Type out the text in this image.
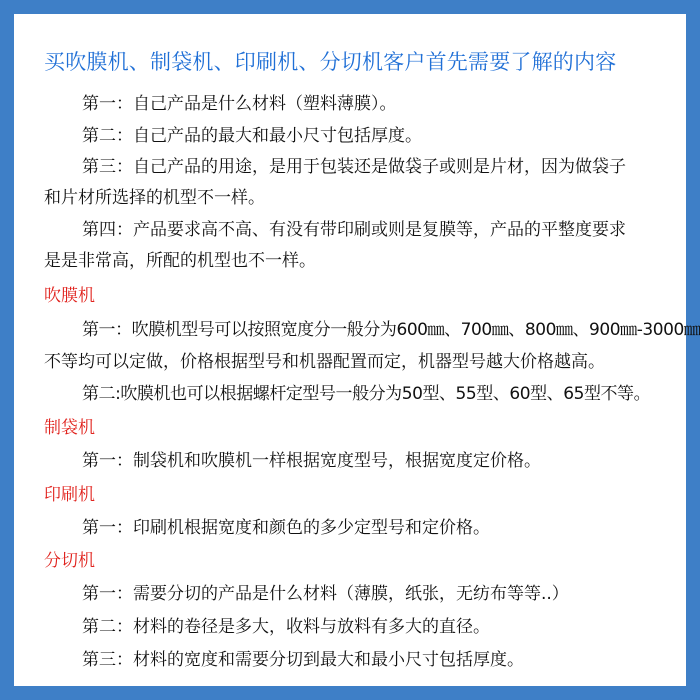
买吹膜机、制袋机、印刷机、分切机客户首先需要了解的内容
第一：自己产品是什么材料（塑料薄膜）。
第二：自己产品的最大和最小尺寸包括厚度。
第三：自己产品的用途，是用于包装还是做袋子或则是片材，因为做袋子
和片材所选择的机型不一样。
第四：产品要求高不高、有没有带印刷或则是复膜等，产品的平整度要求
是是非常高，所配的机型也不一样。
吹膜机
第一：吹膜机型号可以按照宽度分一般分为600㎜、700㎜、800㎜、900㎜-3000㎜
不等均可以定做，价格根据型号和机器配置而定，机器型号越大价格越高。
第二:吹膜机也可以根据螺杆定型号一般分为50型、55型、60型、65型不等。
制袋机
第一：制袋机和吹膜机一样根据宽度型号，根据宽度定价格。
印刷机
第一：印刷机根据宽度和颜色的多少定型号和定价格。
分切机
第一：需要分切的产品是什么材料（薄膜，纸张，无纺布等等..）
第二：材料的卷径是多大，收料与放料有多大的直径。
第三：材料的宽度和需要分切到最大和最小尺寸包括厚度。
